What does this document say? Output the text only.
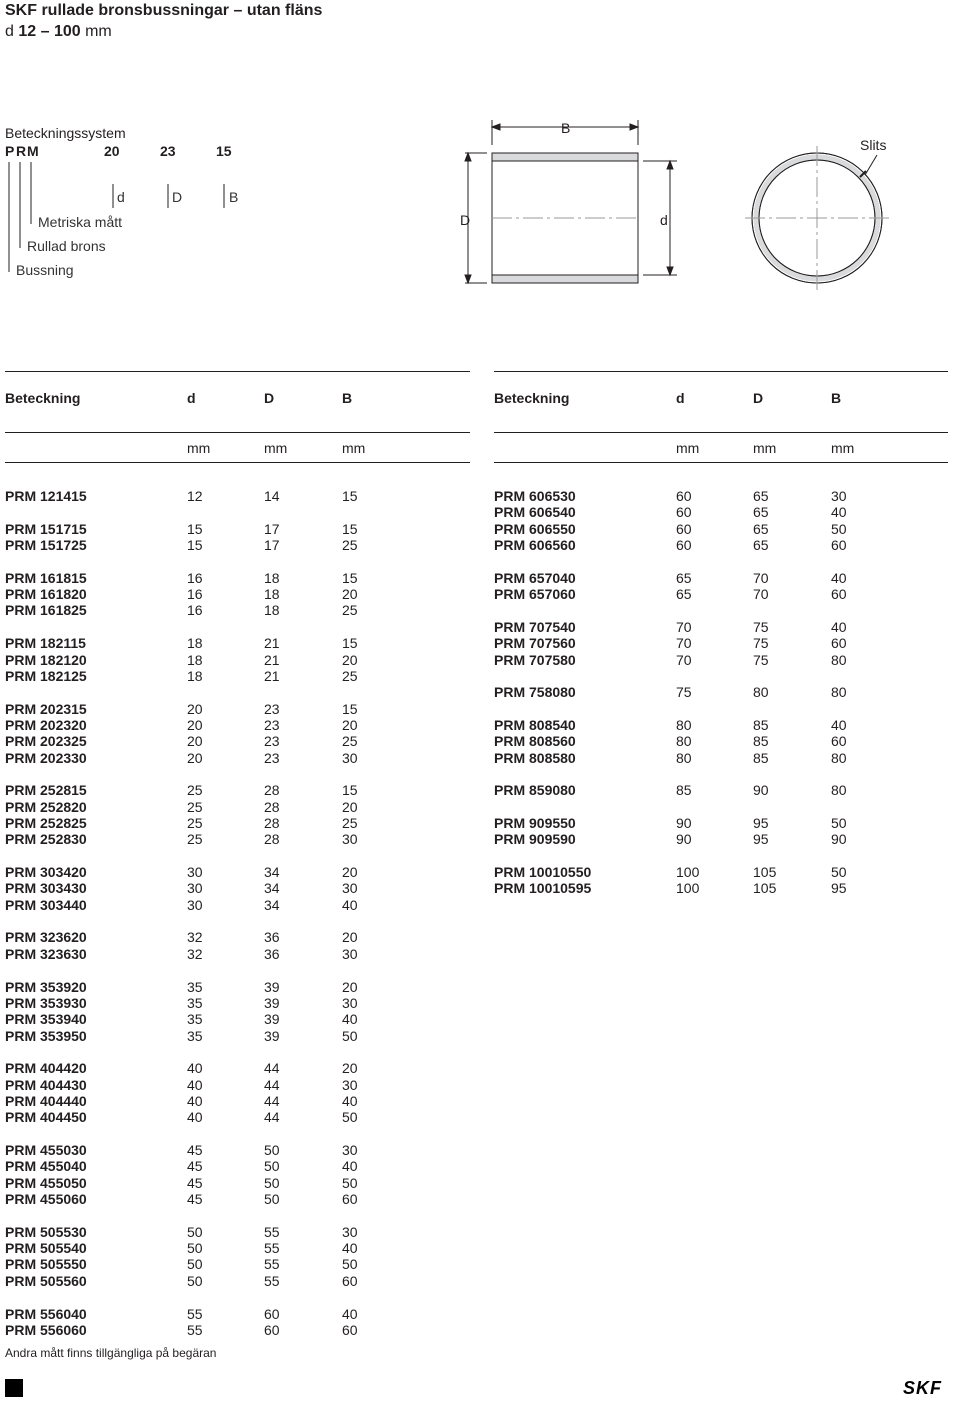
SKF rullade bronsbussningar – utan fläns
d 12 – 100 mm
Beteckningssystem
P R M	20	23	15
d	D	B
Metriska mått
Rullad brons
Bussning
B
D	d
Slits
Beteckning	d	D	B
mm	mm	mm
Beteckning	d	D	B
mm	mm	mm
PRM 121415	12	14	15
PRM 151715	15	17	15
PRM 151725	15	17	25
PRM 161815	16	18	15
PRM 161820	16	18	20
PRM 161825	16	18	25
PRM 182115	18	21	15
PRM 182120	18	21	20
PRM 182125	18	21	25
PRM 202315	20	23	15
PRM 202320	20	23	20
PRM 202325	20	23	25
PRM 202330	20	23	30
PRM 252815	25	28	15
PRM 252820	25	28	20
PRM 252825	25	28	25
PRM 252830	25	28	30
PRM 303420	30	34	20
PRM 303430	30	34	30
PRM 303440	30	34	40
PRM 323620	32	36	20
PRM 323630	32	36	30
PRM 353920	35	39	20
PRM 353930	35	39	30
PRM 353940	35	39	40
PRM 353950	35	39	50
PRM 404420	40	44	20
PRM 404430	40	44	30
PRM 404440	40	44	40
PRM 404450	40	44	50
PRM 455030	45	50	30
PRM 455040	45	50	40
PRM 455050	45	50	50
PRM 455060	45	50	60
PRM 505530	50	55	30
PRM 505540	50	55	40
PRM 505550	50	55	50
PRM 505560	50	55	60
PRM 556040	55	60	40
PRM 556060	55	60	60
PRM 606530	60	65	30
PRM 606540	60	65	40
PRM 606550	60	65	50
PRM 606560	60	65	60
PRM 657040	65	70	40
PRM 657060	65	70	60
PRM 707540	70	75	40
PRM 707560	70	75	60
PRM 707580	70	75	80
PRM 758080	75	80	80
PRM 808540	80	85	40
PRM 808560	80	85	60
PRM 808580	80	85	80
PRM 859080	85	90	80
PRM 909550	90	95	50
PRM 909590	90	95	90
PRM 10010550	100	105	50
PRM 10010595	100	105	95
Andra mått finns tillgängliga på begäran
SKF
